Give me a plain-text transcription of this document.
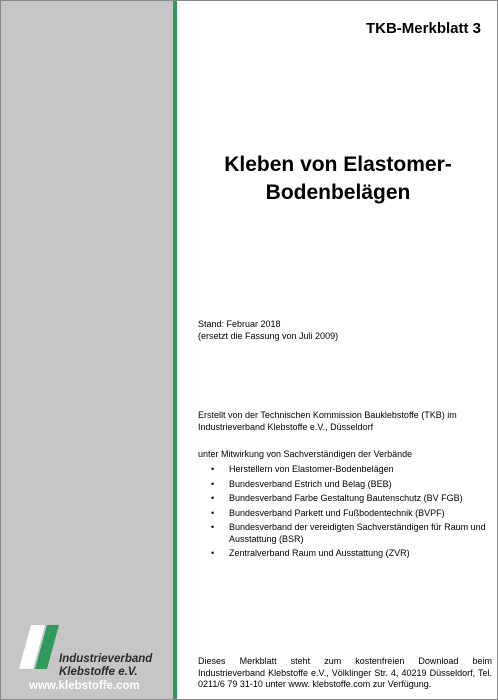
TKB-Merkblatt 3
Kleben von Elastomer-
Bodenbelägen
Stand: Februar 2018
(ersetzt die Fassung von Juli 2009)
Erstellt von der Technischen Kommission Bauklebstoffe (TKB) im Industrieverband Klebstoffe e.V., Düsseldorf
unter Mitwirkung von Sachverständigen der Verbände
• Herstellern von Elastomer-Bodenbelägen
• Bundesverband Estrich und Belag (BEB)
• Bundesverband Farbe Gestaltung Bautenschutz (BV FGB)
• Bundesverband Parkett und Fußbodentechnik (BVPF)
• Bundesverband der vereidigten Sachverständigen für Raum und Ausstattung (BSR)
• Zentralverband Raum und Ausstattung (ZVR)
Dieses Merkblatt steht zum kostenfreien Download beim Industrieverband Klebstoffe e.V., Völklinger Str. 4, 40219 Düsseldorf, Tel. 0211/6 79 31-10 unter www. klebstoffe.com zur Verfügung.
Industrieverband
Klebstoffe e.V.
www.klebstoffe.com
